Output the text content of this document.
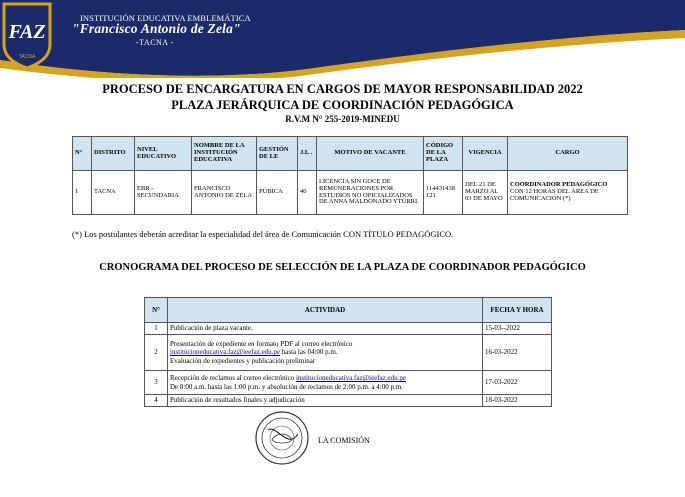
FAZ
TACNA
INSTITUCIÓN EDUCATIVA EMBLEMÁTICA
"Francisco Antonio de Zela"
-TACNA -
PROCESO DE ENCARGATURA EN CARGOS DE MAYOR RESPONSABILIDAD 2022
PLAZA JERÁRQUICA DE COORDINACIÓN PEDAGÓGICA
R.V.M N° 255-2019-MINEDU
N°	DISTRITO	NIVEL EDUCATIVO	NOMBRE DE LA INSTITUCIÓN EDUCATIVA	GESTIÓN DE LE	J.L .	MOTIVO DE VACANTE	CÓDIGO DE LA PLAZA	VIGENCIA	CARGO
1	TACNA	EBR - SECUNDARIA	FRANCISCO ANTONIO DE ZELA	PÚBICA	40	LICENCIA SIN GOCE DE REMUNERACIONES POR ESTUDIOS NO OFICIALIZADOS DE ANNA MALDONADO YTURRI.	114431438 121	DEL 21 DE MARZO AL 03 DE MAYO	COORDINADOR PEDAGÓGICO
CON 12 HORAS DEL ÁREA DE COMUNICACIÓN (*)
(*) Los postulantes deberán acreditar la especialidad del área de Comunicación CON TÍTULO PEDAGÓGICO.
CRONOGRAMA DEL PROCESO DE SELECCIÓN DE LA PLAZA DE COORDINADOR PEDAGÓGICO
N°	ACTIVIDAD	FECHA Y HORA
1	Publicación de plaza vacante.	15-03--2022
2	Presentación de expediente en formato PDF al correo electrónico
institucioneducativa.faz@ieefaz.edu.pe hasta las 04:00 p.m.
Evaluación de expedientes y publicación preliminar	16-03-2022
3	Recepción de reclamos al correo electrónico institucioneducativa.faz@ieefaz.edu.pe
De 8:00 a.m. hasta las 1:00 p.m. y absolución de reclamos de 2:00 p.m. a 4:00 p.m.	17-03-2022
4	Publicación de resultados finales y adjudicación	18-03-2022
LA COMISIÓN
